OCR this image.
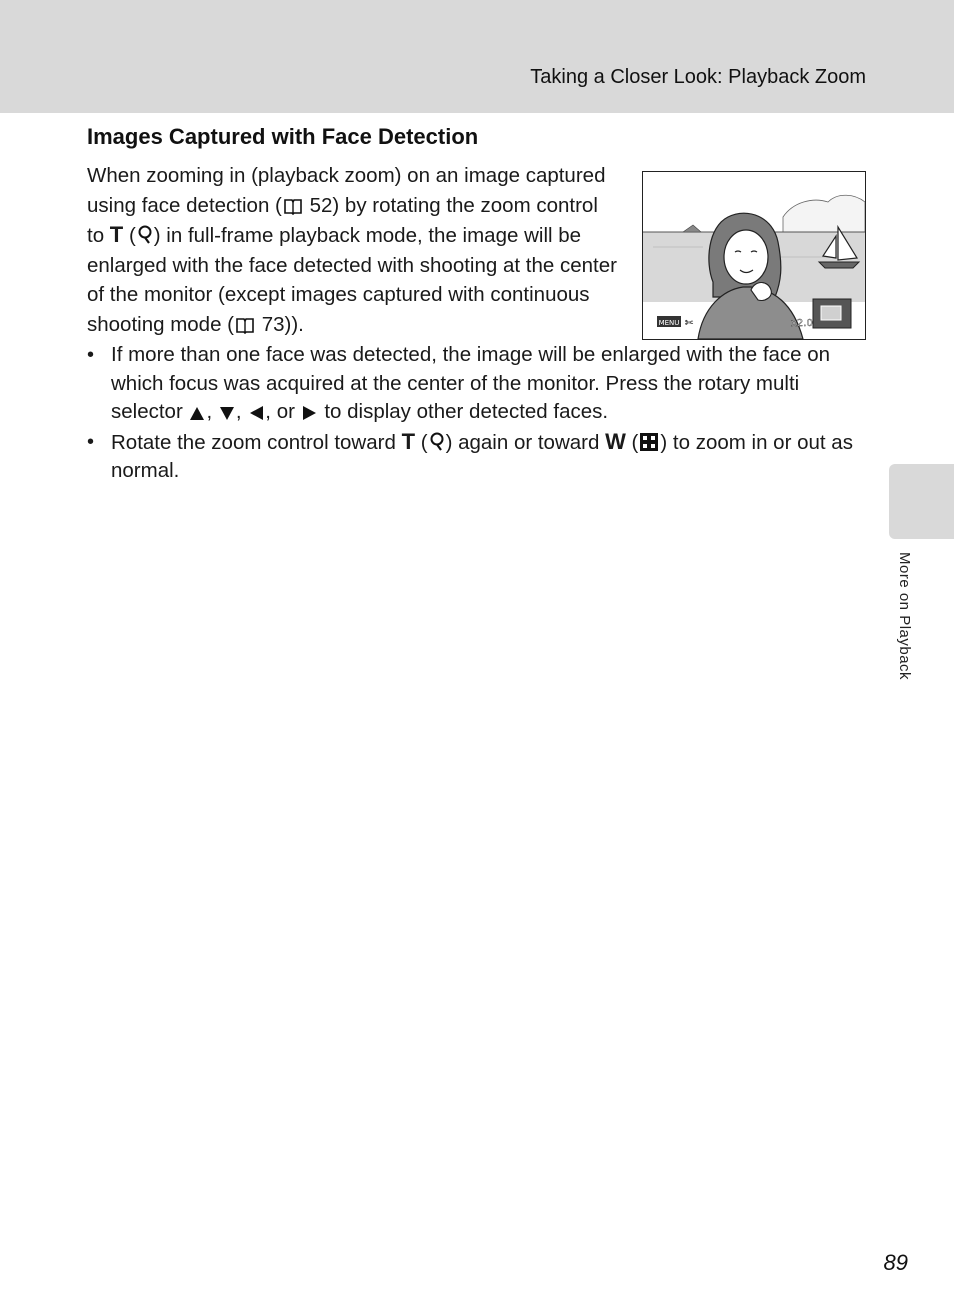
Taking a Closer Look: Playback Zoom
Images Captured with Face Detection

When zooming in (playback zoom) on an image captured using face detection ( 52) by rotating the zoom control to T ( ) in full-frame playback mode, the image will be enlarged with the face detected with shooting at the center of the monitor (except images captured with continuous shooting mode ( 73)).	MENU ✂	x2.0
• If more than one face was detected, the image will be enlarged with the face on which focus was acquired at the center of the monitor. Press the rotary multi selector , , , or  to display other detected faces.
• Rotate the zoom control toward T ( ) again or toward W ( ) to zoom in or out as normal.
More on Playback
89
